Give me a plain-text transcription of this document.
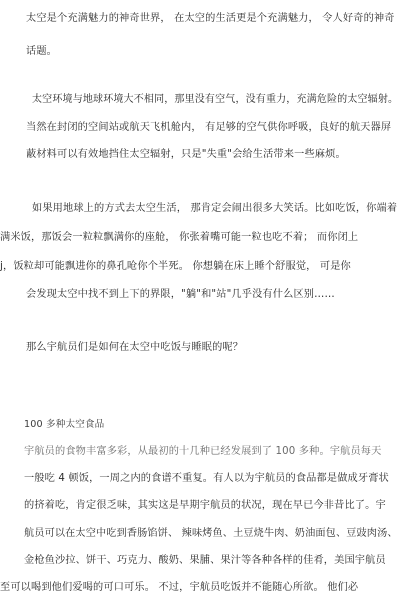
太空是个充满魅力的神奇世界， 在太空的生活更是个充满魅力， 令人好奇的神奇
话题。
太空环境与地球环境大不相同，那里没有空气，没有重力，充满危险的太空辐射。
当然在封闭的空间站或航天飞机舱内， 有足够的空气供你呼吸，良好的航天器屏
蔽材料可以有效地挡住太空辐射，只是"失重"会给生活带来一些麻烦。
如果用地球上的方式去太空生活， 那肯定会闹出很多大笑话。比如吃饭，你端着
满米饭，那饭会一粒粒飘满你的座舱， 你张着嘴可能一粒也吃不着； 而你闭上
j，饭粒却可能飘进你的鼻孔呛你个半死。 你想躺在床上睡个舒服觉， 可是你
会发现太空中找不到上下的界限，"躺"和"站"几乎没有什么区别……
那么宇航员们是如何在太空中吃饭与睡眠的呢？
100 多种太空食品
宇航员的食物丰富多彩，从最初的十几种已经发展到了 100 多种。宇航员每天
一般吃 4 顿饭，一周之内的食谱不重复。有人以为宇航员的食品都是做成牙膏状
的挤着吃，肯定很乏味，其实这是早期宇航员的状况，现在早已今非昔比了。宇
航员可以在太空中吃到香肠馅饼、 辣味烤鱼、土豆烧牛肉、奶油面包、豆豉肉汤、
金枪鱼沙拉、饼干、巧克力、酸奶、果脯、果汁等各种各样的佳肴，美国宇航员
至可以喝到他们爱喝的可口可乐。 不过，宇航员吃饭并不能随心所欲。 他们必
